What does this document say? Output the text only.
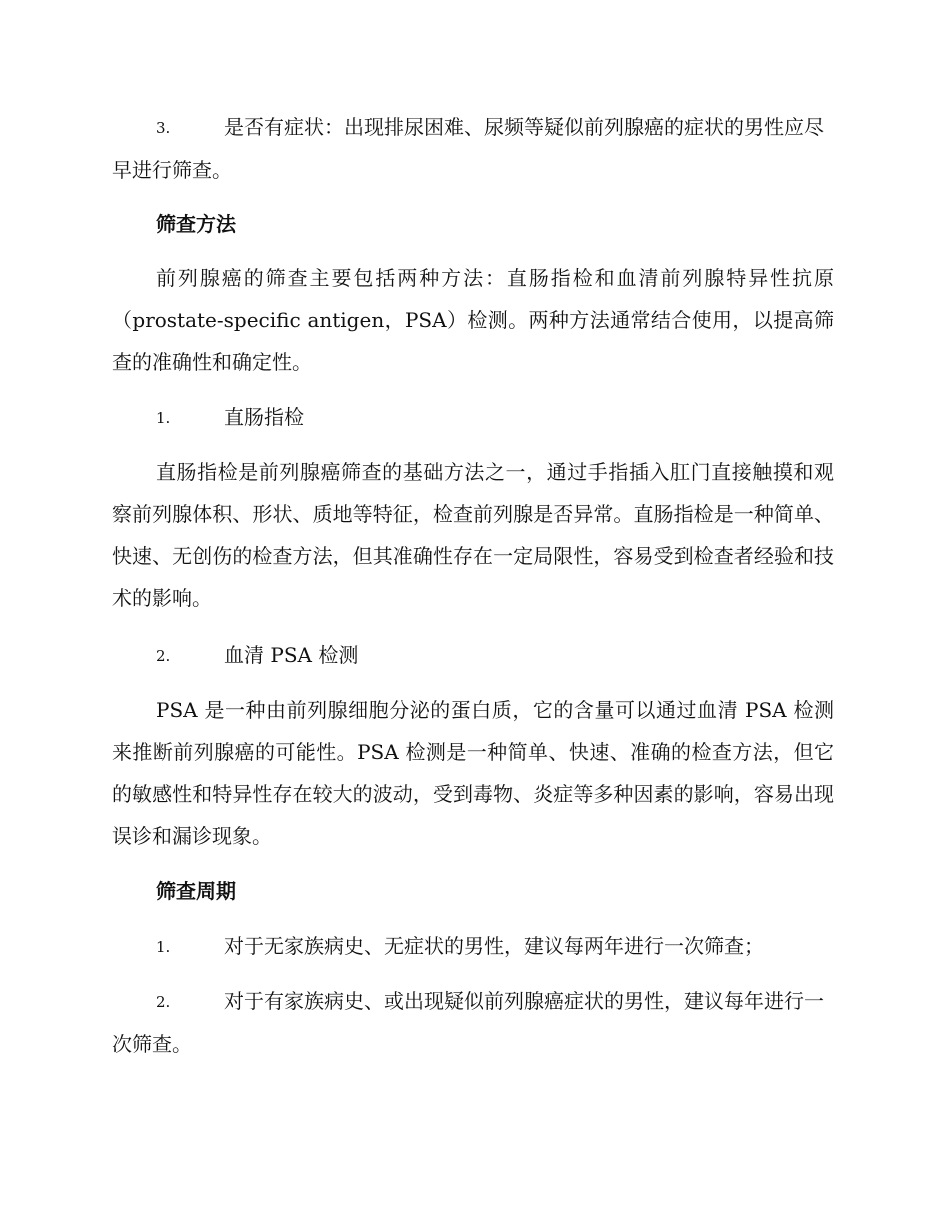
3.	是否有症状：出现排尿困难、尿频等疑似前列腺癌的症状的男性应尽早进行筛查。

筛查方法

前列腺癌的筛查主要包括两种方法：直肠指检和血清前列腺特异性抗原（prostate-specific antigen，PSA）检测。两种方法通常结合使用，以提高筛查的准确性和确定性。

1.	直肠指检

直肠指检是前列腺癌筛查的基础方法之一，通过手指插入肛门直接触摸和观察前列腺体积、形状、质地等特征，检查前列腺是否异常。直肠指检是一种简单、快速、无创伤的检查方法，但其准确性存在一定局限性，容易受到检查者经验和技术的影响。

2.	血清 PSA 检测

PSA 是一种由前列腺细胞分泌的蛋白质，它的含量可以通过血清 PSA 检测来推断前列腺癌的可能性。PSA 检测是一种简单、快速、准确的检查方法，但它的敏感性和特异性存在较大的波动，受到毒物、炎症等多种因素的影响，容易出现误诊和漏诊现象。

筛查周期

1.	对于无家族病史、无症状的男性，建议每两年进行一次筛查；

2.	对于有家族病史、或出现疑似前列腺癌症状的男性，建议每年进行一次筛查。
